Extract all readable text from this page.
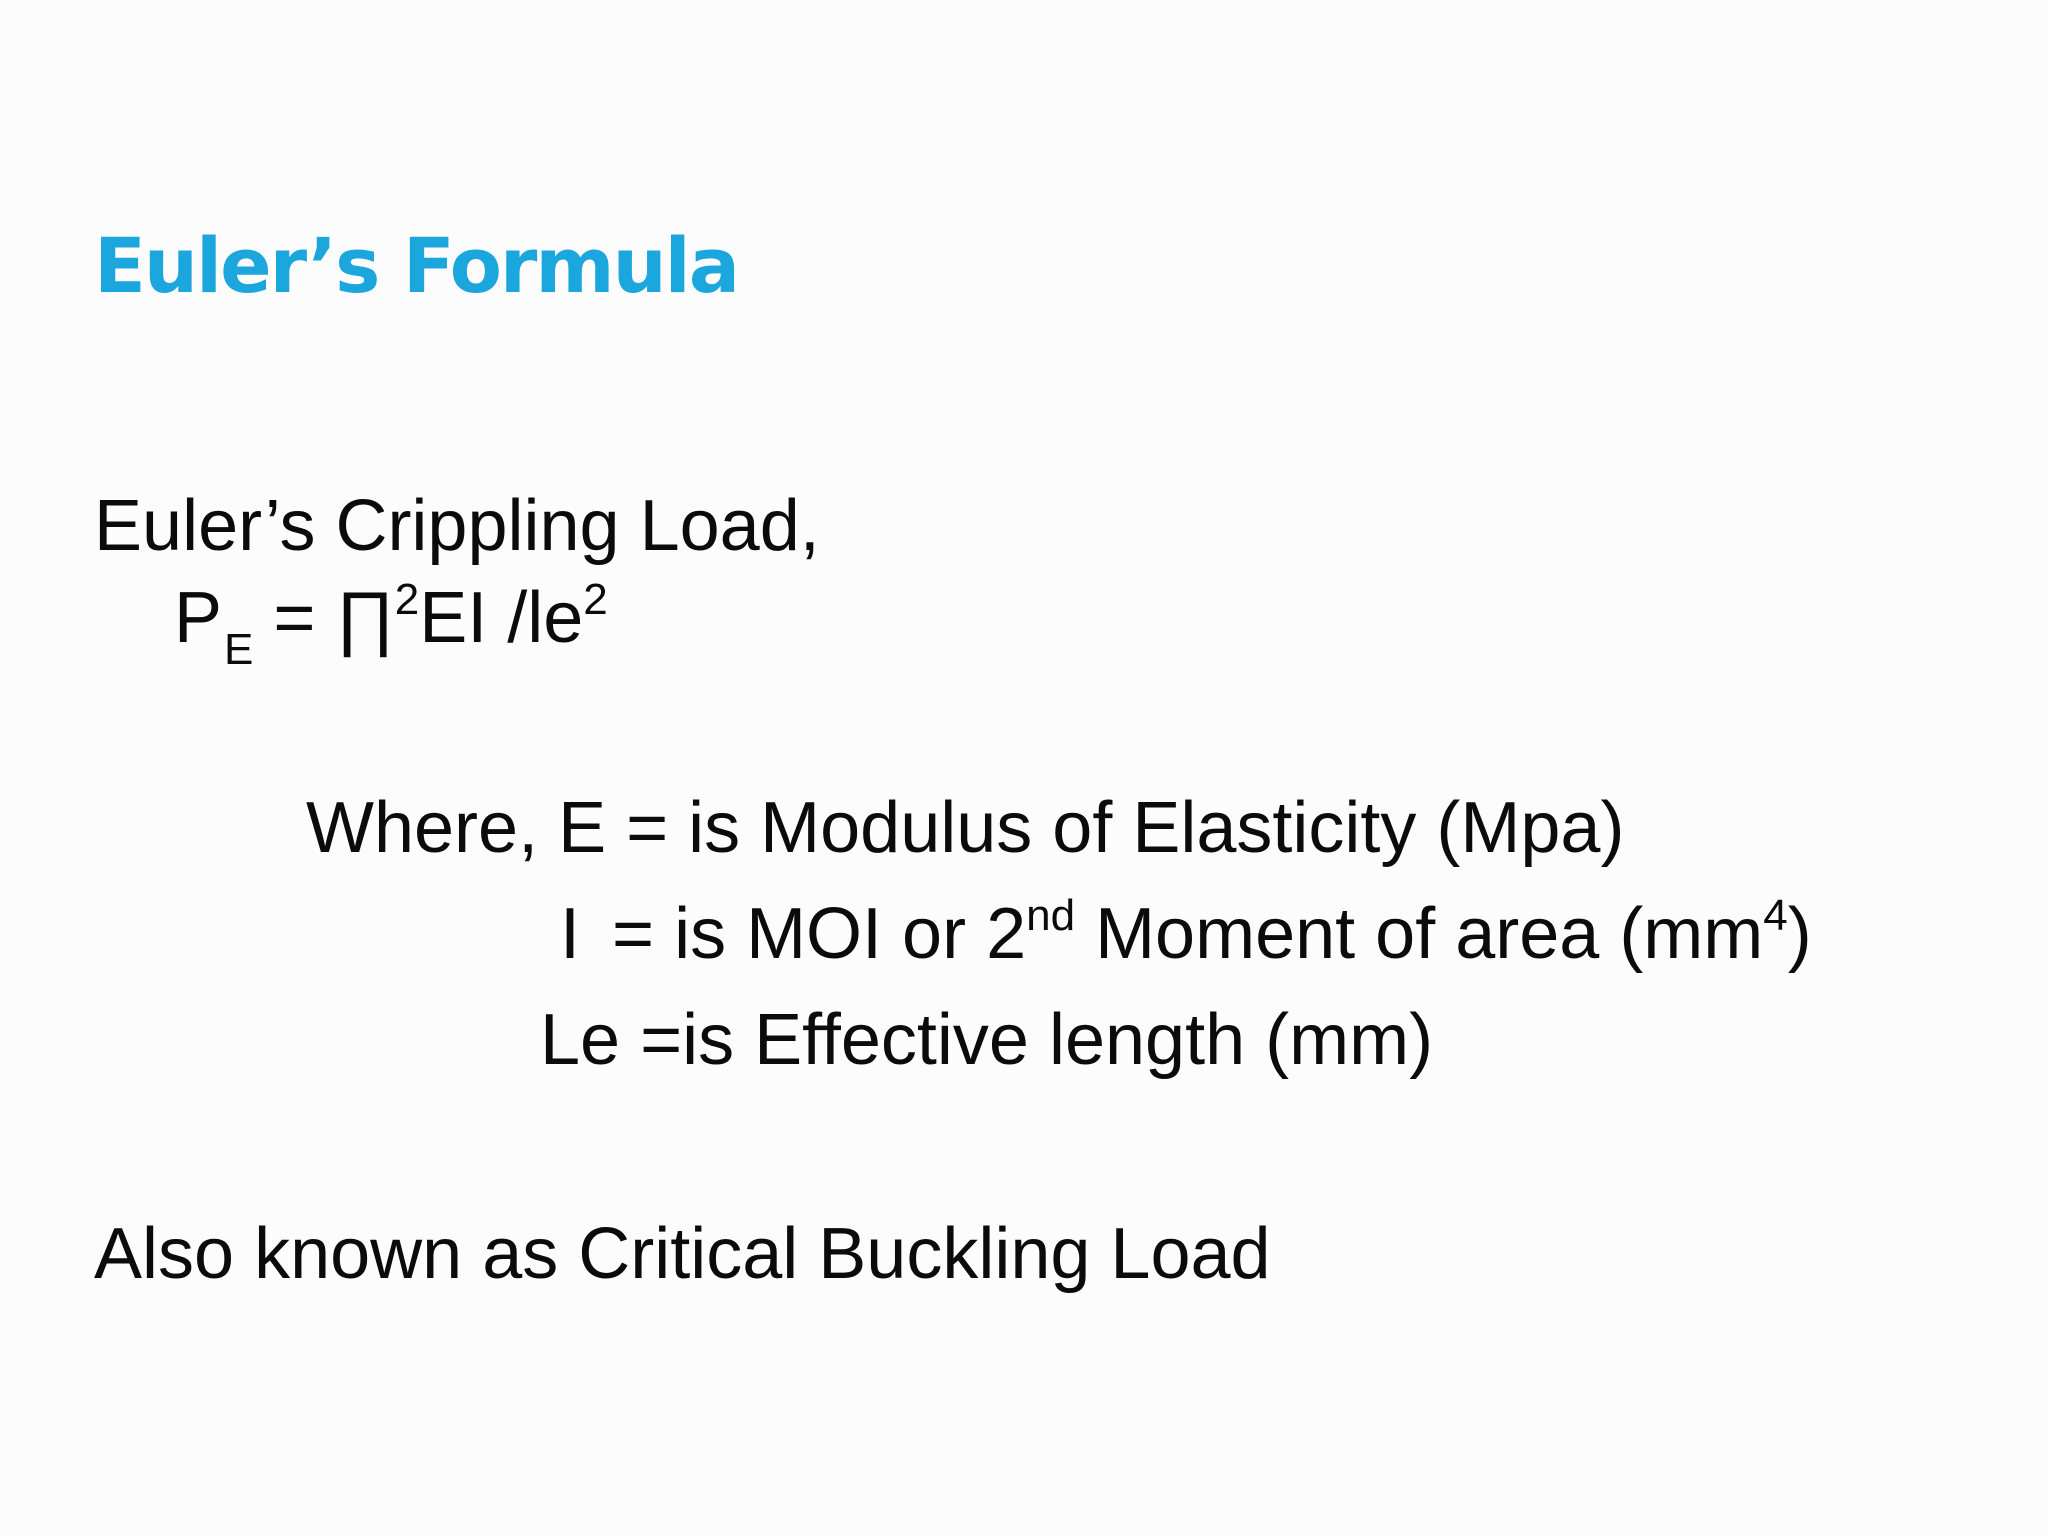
Euler’s Formula
Euler’s Crippling Load,
$P_E$ = ∏$^2$EI $/le^2$
Where, E = is Modulus of Elasticity (Mpa)
I = is MOI or 2nd Moment of area $(mm^4)$
Le =is Effective length (mm)
Also known as Critical Buckling Load
